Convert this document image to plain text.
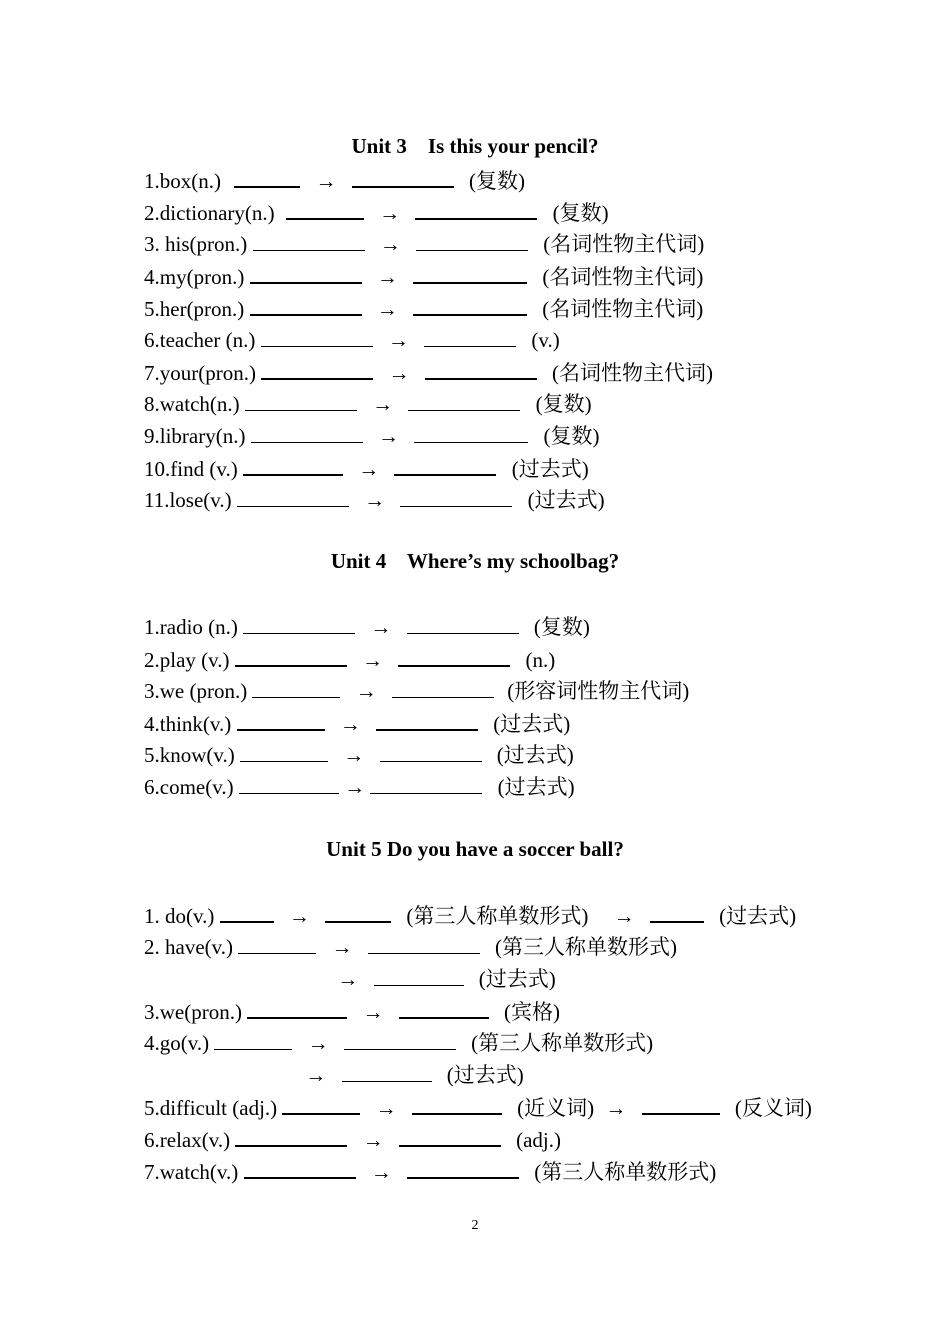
Unit 3    Is this your pencil?
1.box(n.)	→	(复数)
2.dictionary(n.)	→	(复数)
3. his(pron.)	→	(名词性物主代词)
4.my(pron.)	→	(名词性物主代词)
5.her(pron.)	→	(名词性物主代词)
6.teacher (n.)	→	(v.)
7.your(pron.)	→	(名词性物主代词)
8.watch(n.)	→	(复数)
9.library(n.)	→	(复数)
10.find (v.)	→	(过去式)
11.lose(v.)	→	(过去式)
Unit 4    Where’s my schoolbag?
1.radio (n.)	→	(复数)
2.play (v.)	→	(n.)
3.we (pron.)	→	(形容词性物主代词)
4.think(v.)	→	(过去式)
5.know(v.)	→	(过去式)
6.come(v.)	→	(过去式)
Unit 5 Do you have a soccer ball?
1. do(v.)	→	(第三人称单数形式) →	(过去式)
2. have(v.)	→	(第三人称单数形式)
→	(过去式)
3.we(pron.)	→	(宾格)
4.go(v.)	→	(第三人称单数形式)
→	(过去式)
5.difficult (adj.)	→	(近义词) →	(反义词)
6.relax(v.)	→	(adj.)
7.watch(v.)	→	(第三人称单数形式)
2
